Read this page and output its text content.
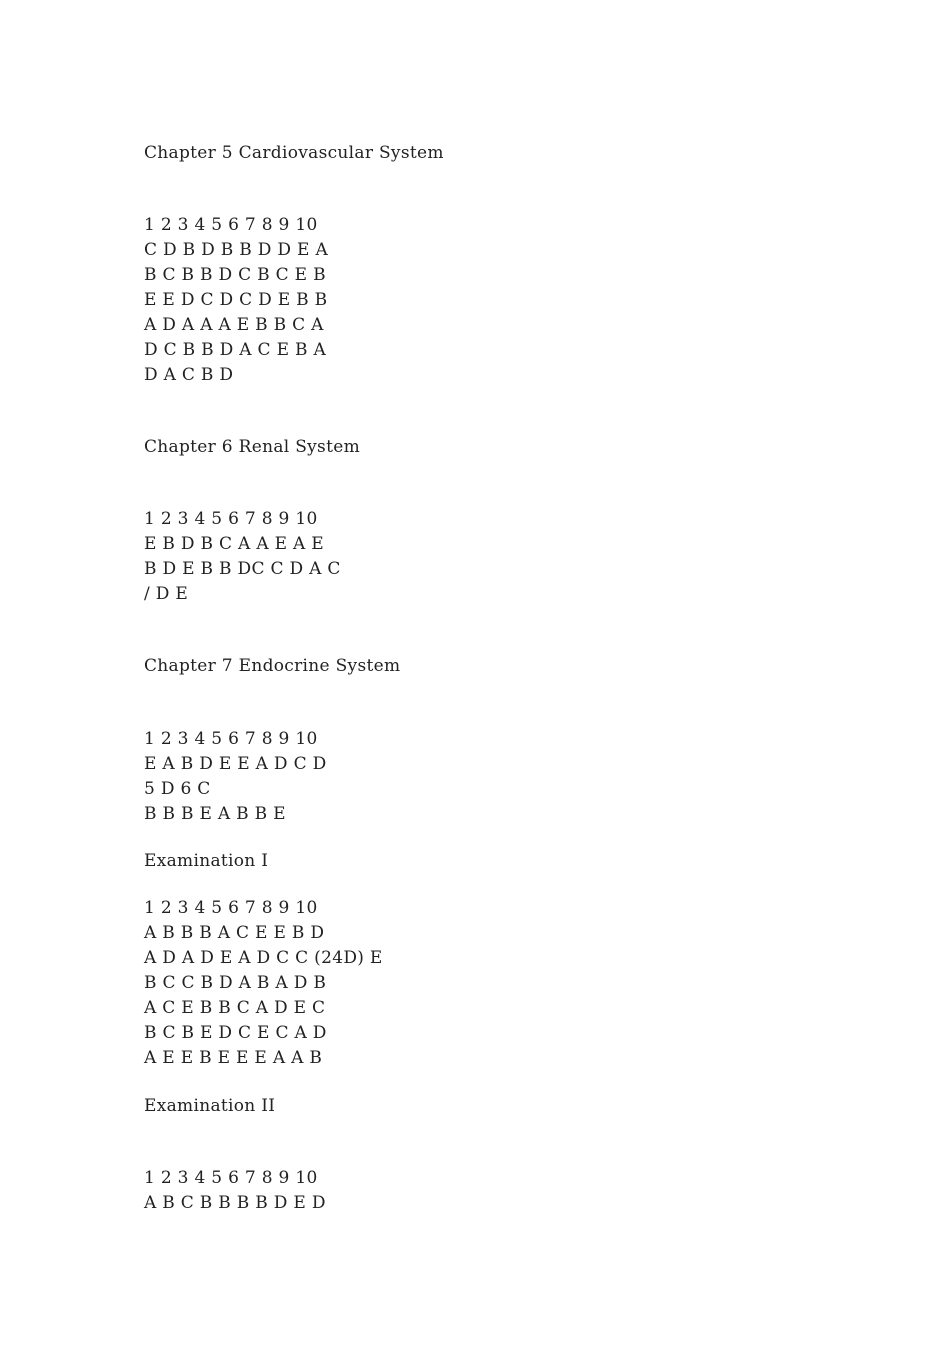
Chapter 5 Cardiovascular System
1 2 3 4 5 6 7 8 9 10
C D B D B B D D E A
B C B B D C B C E B
E E D C D C D E B B
A D A A A E B B C A
D C B B D A C E B A
D A C B D
Chapter 6 Renal System
1 2 3 4 5 6 7 8 9 10
E B D B C A A E A E
B D E B B DC C D A C
/ D E
Chapter 7 Endocrine System
1 2 3 4 5 6 7 8 9 10
E A B D E E A D C D
5 D 6 C
B B B E A B B E
Examination I
1 2 3 4 5 6 7 8 9 10
A B B B A C E E B D
A D A D E A D C C (24D) E
B C C B D A B A D B
A C E B B C A D E C
B C B E D C E C A D
A E E B E E E A A B
Examination II
1 2 3 4 5 6 7 8 9 10
A B C B B B B D E D
